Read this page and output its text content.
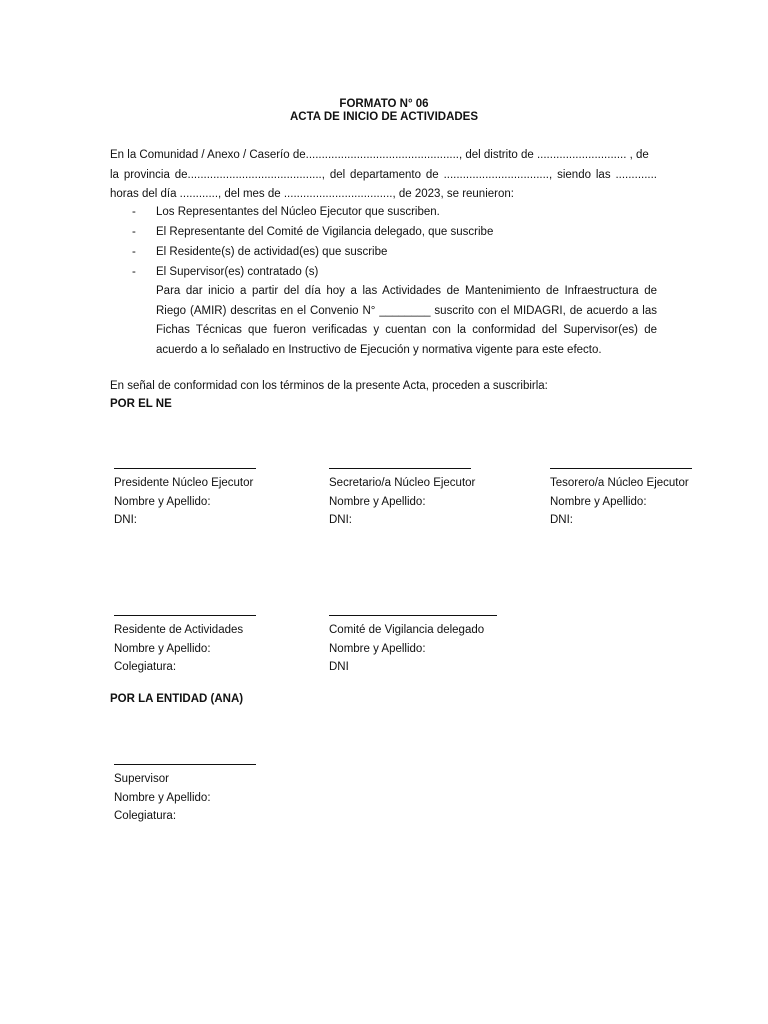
FORMATO N° 06
ACTA DE INICIO DE ACTIVIDADES
En la Comunidad / Anexo / Caserío de................................................, del distrito de ............................ , de
la provincia de.........................................., del departamento de ................................., siendo las .............
horas del día ............, del mes de .................................., de 2023, se reunieron:
- Los Representantes del Núcleo Ejecutor que suscriben.
- El Representante del Comité de Vigilancia delegado, que suscribe
- El Residente(s) de actividad(es) que suscribe
- El Supervisor(es) contratado (s)
Para dar inicio a partir del día hoy a las Actividades de Mantenimiento de Infraestructura de
Riego (AMIR) descritas en el Convenio N° ________ suscrito con el MIDAGRI, de acuerdo a las
Fichas Técnicas que fueron verificadas y cuentan con la conformidad del Supervisor(es) de
acuerdo a lo señalado en Instructivo de Ejecución y normativa vigente para este efecto.
En señal de conformidad con los términos de la presente Acta, proceden a suscribirla:
POR EL NE
Presidente Núcleo Ejecutor
Nombre y Apellido:
DNI:
Secretario/a Núcleo Ejecutor
Nombre y Apellido:
DNI:
Tesorero/a Núcleo Ejecutor
Nombre y Apellido:
DNI:
Residente de Actividades
Nombre y Apellido:
Colegiatura:
Comité de Vigilancia delegado
Nombre y Apellido:
DNI
POR LA ENTIDAD (ANA)
Supervisor
Nombre y Apellido:
Colegiatura:
